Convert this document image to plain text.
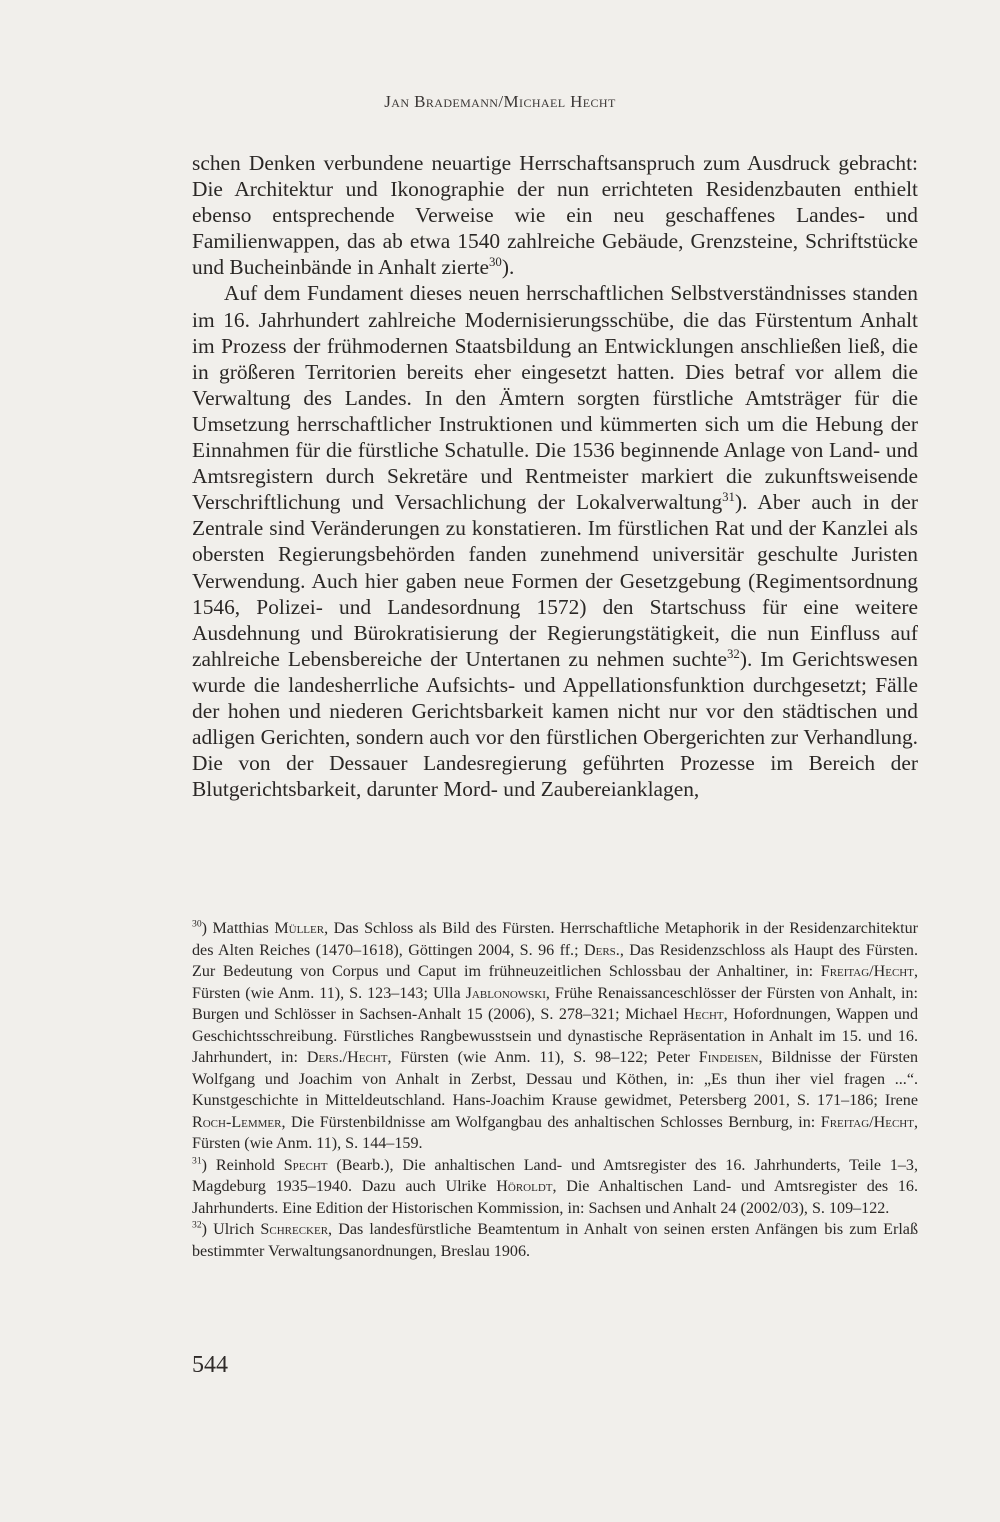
Jan Brademann/Michael Hecht

schen Denken verbundene neuartige Herrschaftsanspruch zum Ausdruck gebracht: Die Architektur und Ikonographie der nun errichteten Residenzbauten enthielt ebenso entsprechende Verweise wie ein neu geschaffenes Landes- und Familienwappen, das ab etwa 1540 zahlreiche Gebäude, Grenzsteine, Schriftstücke und Bucheinbände in Anhalt zierte$^{30}$).

Auf dem Fundament dieses neuen herrschaftlichen Selbstverständnisses standen im 16. Jahrhundert zahlreiche Modernisierungsschübe, die das Fürstentum Anhalt im Prozess der frühmodernen Staatsbildung an Entwicklungen anschließen ließ, die in größeren Territorien bereits eher eingesetzt hatten. Dies betraf vor allem die Verwaltung des Landes. In den Ämtern sorgten fürstliche Amtsträger für die Umsetzung herrschaftlicher Instruktionen und kümmerten sich um die Hebung der Einnahmen für die fürstliche Schatulle. Die 1536 beginnende Anlage von Land- und Amtsregistern durch Sekretäre und Rentmeister markiert die zukunftsweisende Verschriftlichung und Versachlichung der Lokalverwaltung$^{31}$). Aber auch in der Zentrale sind Veränderungen zu konstatieren. Im fürstlichen Rat und der Kanzlei als obersten Regierungsbehörden fanden zunehmend universitär geschulte Juristen Verwendung. Auch hier gaben neue Formen der Gesetzgebung (Regimentsordnung 1546, Polizei- und Landesordnung 1572) den Startschuss für eine weitere Ausdehnung und Bürokratisierung der Regierungstätigkeit, die nun Einfluss auf zahlreiche Lebensbereiche der Untertanen zu nehmen suchte$^{32}$). Im Gerichtswesen wurde die landesherrliche Aufsichts- und Appellationsfunktion durchgesetzt; Fälle der hohen und niederen Gerichtsbarkeit kamen nicht nur vor den städtischen und adligen Gerichten, sondern auch vor den fürstlichen Obergerichten zur Verhandlung. Die von der Dessauer Landesregierung geführten Prozesse im Bereich der Blutgerichtsbarkeit, darunter Mord- und Zaubereianklagen,

$^{30}$) Matthias Müller, Das Schloss als Bild des Fürsten. Herrschaftliche Metaphorik in der Residenzarchitektur des Alten Reiches (1470–1618), Göttingen 2004, S. 96 ff.; Ders., Das Residenzschloss als Haupt des Fürsten. Zur Bedeutung von Corpus und Caput im frühneuzeitlichen Schlossbau der Anhaltiner, in: Freitag/Hecht, Fürsten (wie Anm. 11), S. 123–143; Ulla Jablonowski, Frühe Renaissanceschlösser der Fürsten von Anhalt, in: Burgen und Schlösser in Sachsen-Anhalt 15 (2006), S. 278–321; Michael Hecht, Hofordnungen, Wappen und Geschichtsschreibung. Fürstliches Rangbewusstsein und dynastische Repräsentation in Anhalt im 15. und 16. Jahrhundert, in: Ders./Hecht, Fürsten (wie Anm. 11), S. 98–122; Peter Findeisen, Bildnisse der Fürsten Wolfgang und Joachim von Anhalt in Zerbst, Dessau und Köthen, in: „Es thun iher viel fragen ...“. Kunstgeschichte in Mitteldeutschland. Hans-Joachim Krause gewidmet, Petersberg 2001, S. 171–186; Irene Roch-Lemmer, Die Fürstenbildnisse am Wolfgangbau des anhaltischen Schlosses Bernburg, in: Freitag/Hecht, Fürsten (wie Anm. 11), S. 144–159.

$^{31}$) Reinhold Specht (Bearb.), Die anhaltischen Land- und Amtsregister des 16. Jahrhunderts, Teile 1–3, Magdeburg 1935–1940. Dazu auch Ulrike Höroldt, Die Anhaltischen Land- und Amtsregister des 16. Jahrhunderts. Eine Edition der Historischen Kommission, in: Sachsen und Anhalt 24 (2002/03), S. 109–122.

$^{32}$) Ulrich Schrecker, Das landesfürstliche Beamtentum in Anhalt von seinen ersten Anfängen bis zum Erlaß bestimmter Verwaltungsanordnungen, Breslau 1906.

544
